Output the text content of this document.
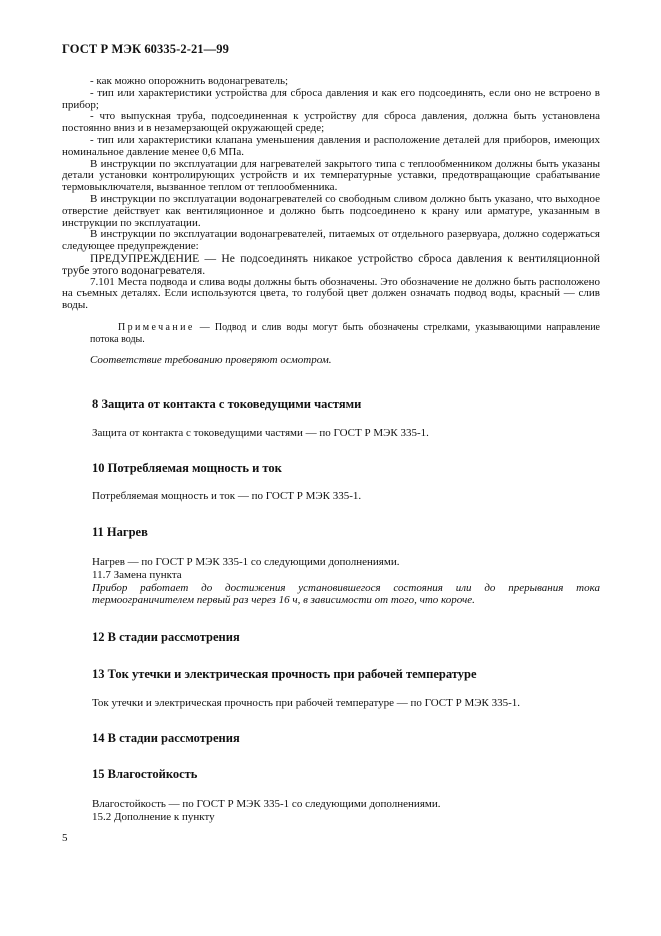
ГОСТ Р МЭК 60335-2-21—99

- как можно опорожнить водонагреватель;

- тип или характеристики устройства для сброса давления и как его подсоединять, если оно не встроено в прибор;

- что выпускная труба, подсоединенная к устройству для сброса давления, должна быть установлена постоянно вниз и в незамерзающей окружающей среде;

- тип или характеристики клапана уменьшения давления и расположение деталей для приборов, имеющих номинальное давление менее 0,6 МПа.

В инструкции по эксплуатации для нагревателей закрытого типа с теплообменником должны быть указаны детали установки контролирующих устройств и их температурные уставки, предотвращающие срабатывание термовыключателя, вызванное теплом от теплообменника.

В инструкции по эксплуатации водонагревателей со свободным сливом должно быть указано, что выходное отверстие действует как вентиляционное и должно быть подсоединено к крану или арматуре, указанным в инструкции по эксплуатации.

В инструкции по эксплуатации водонагревателей, питаемых от отдельного разервуара, должно содержаться следующее предупреждение:

ПРЕДУПРЕЖДЕНИЕ — Не подсоединять никакое устройство сброса давления к вентиляционной трубе этого водонагревателя.

7.101 Места подвода и слива воды должны быть обозначены. Это обозначение не должно быть расположено на съемных деталях. Если используются цвета, то голубой цвет должен означать подвод воды, красный — слив воды.

Примечание — Подвод и слив воды могут быть обозначены стрелками, указывающими направление потока воды.

Соответствие требованию проверяют осмотром.

8 Защита от контакта с токоведущими частями
Защита от контакта с токоведущими частями — по ГОСТ Р МЭК 335-1.
10 Потребляемая мощность и ток
Потребляемая мощность и ток — по ГОСТ Р МЭК 335-1.
11 Нагрев
Нагрев — по ГОСТ Р МЭК 335-1 со следующими дополнениями.
11.7 Замена пункта
Прибор работает до достижения установившегося состояния или до прерывания тока термоограничителем первый раз через 16 ч, в зависимости от того, что короче.
12 В стадии рассмотрения
13 Ток утечки и электрическая прочность при рабочей температуре
Ток утечки и электрическая прочность при рабочей температуре — по ГОСТ Р МЭК 335-1.
14 В стадии рассмотрения
15 Влагостойкость
Влагостойкость — по ГОСТ Р МЭК 335-1 со следующими дополнениями.
15.2 Дополнение к пункту
5
